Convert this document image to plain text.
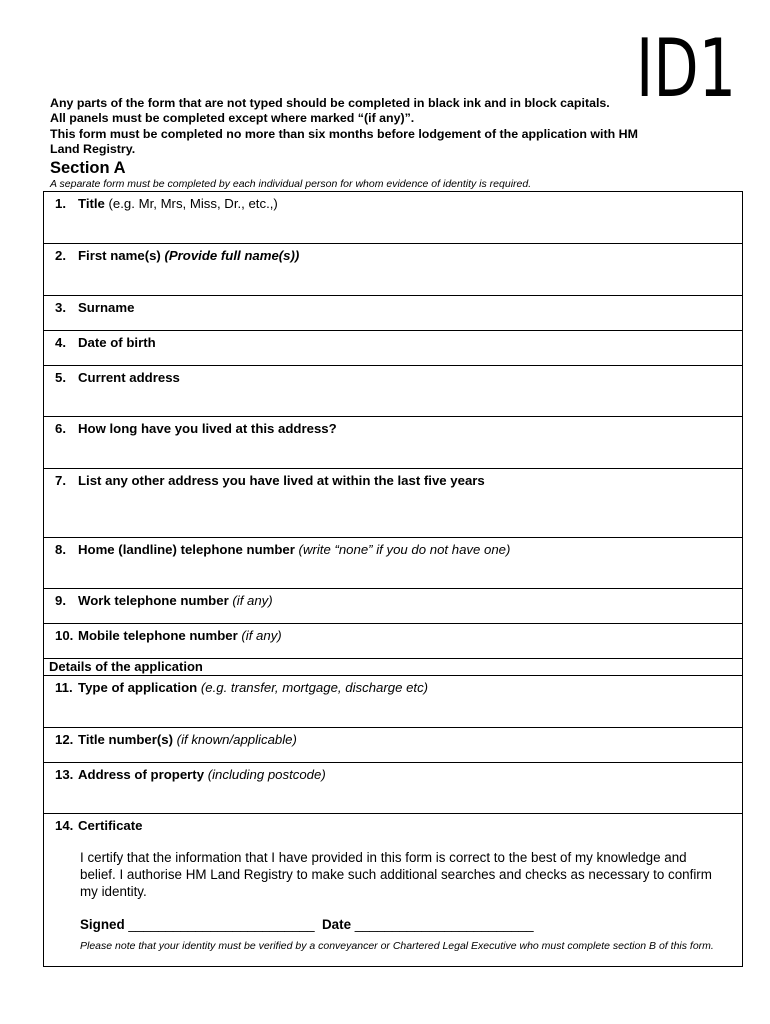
ID1
Any parts of the form that are not typed should be completed in black ink and in block capitals.
All panels must be completed except where marked “(if any)”.
This form must be completed no more than six months before lodgement of the application with HM
Land Registry.
Section A
A separate form must be completed by each individual person for whom evidence of identity is required.
1. Title (e.g. Mr, Mrs, Miss, Dr., etc.,)
2. First name(s) (Provide full name(s))
3. Surname
4. Date of birth
5. Current address
6. How long have you lived at this address?
7. List any other address you have lived at within the last five years
8. Home (landline) telephone number (write “none” if you do not have one)
9. Work telephone number (if any)
10. Mobile telephone number (if any)
Details of the application
11. Type of application (e.g. transfer, mortgage, discharge etc)
12. Title number(s) (if known/applicable)
13. Address of property (including postcode)
14. Certificate
I certify that the information that I have provided in this form is correct to the best of my knowledge and belief. I authorise HM Land Registry to make such additional searches and checks as necessary to confirm my identity.
Signed _________________________ Date ________________________
Please note that your identity must be verified by a conveyancer or Chartered Legal Executive who must complete section B of this form.
